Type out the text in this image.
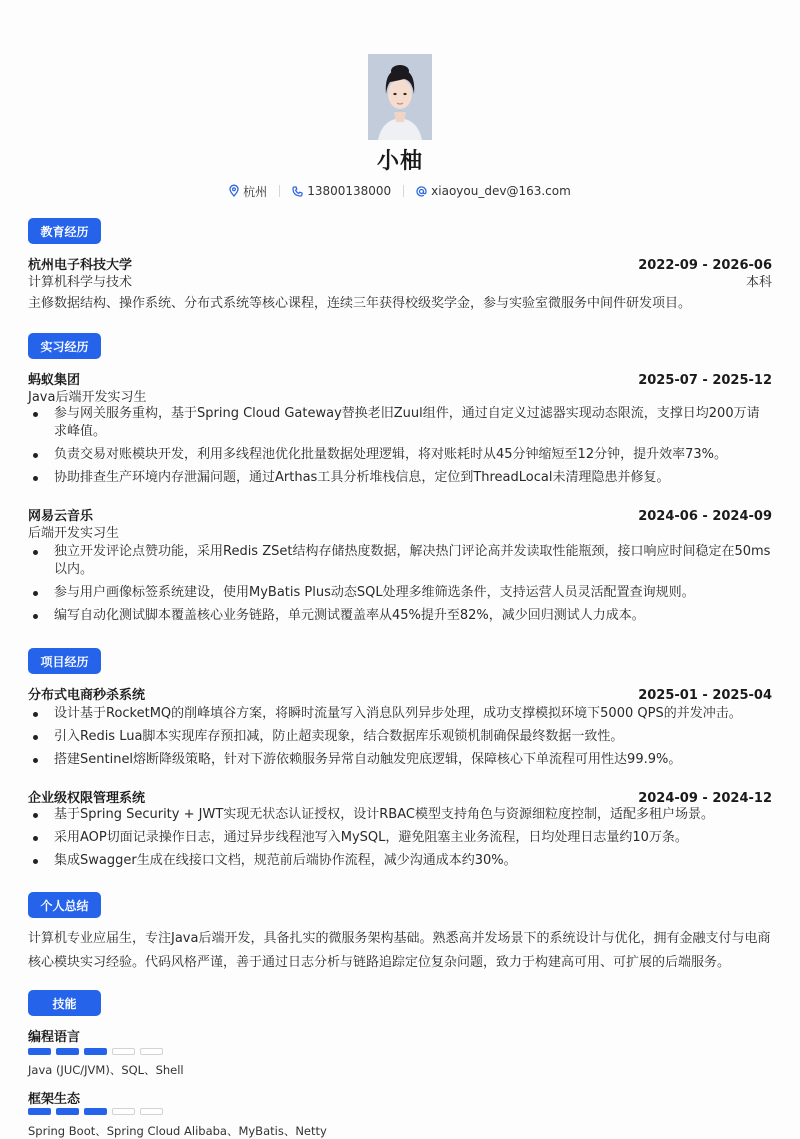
小柚
杭州	13800138000	xiaoyou_dev@163.com
教育经历
杭州电子科技大学	2022-09 - 2026-06
计算机科学与技术	本科
主修数据结构、操作系统、分布式系统等核心课程，连续三年获得校级奖学金，参与实验室微服务中间件研发项目。
实习经历
蚂蚁集团	2025-07 - 2025-12
Java后端开发实习生
参与网关服务重构，基于Spring Cloud Gateway替换老旧Zuul组件，通过自定义过滤器实现动态限流，支撑日均200万请求峰值。
负责交易对账模块开发，利用多线程池优化批量数据处理逻辑，将对账耗时从45分钟缩短至12分钟，提升效率73%。
协助排查生产环境内存泄漏问题，通过Arthas工具分析堆栈信息，定位到ThreadLocal未清理隐患并修复。
网易云音乐	2024-06 - 2024-09
后端开发实习生
独立开发评论点赞功能，采用Redis ZSet结构存储热度数据，解决热门评论高并发读取性能瓶颈，接口响应时间稳定在50ms以内。
参与用户画像标签系统建设，使用MyBatis Plus动态SQL处理多维筛选条件，支持运营人员灵活配置查询规则。
编写自动化测试脚本覆盖核心业务链路，单元测试覆盖率从45%提升至82%，减少回归测试人力成本。
项目经历
分布式电商秒杀系统	2025-01 - 2025-04
设计基于RocketMQ的削峰填谷方案，将瞬时流量写入消息队列异步处理，成功支撑模拟环境下5000 QPS的并发冲击。
引入Redis Lua脚本实现库存预扣减，防止超卖现象，结合数据库乐观锁机制确保最终数据一致性。
搭建Sentinel熔断降级策略，针对下游依赖服务异常自动触发兜底逻辑，保障核心下单流程可用性达99.9%。
企业级权限管理系统	2024-09 - 2024-12
基于Spring Security + JWT实现无状态认证授权，设计RBAC模型支持角色与资源细粒度控制，适配多租户场景。
采用AOP切面记录操作日志，通过异步线程池写入MySQL，避免阻塞主业务流程，日均处理日志量约10万条。
集成Swagger生成在线接口文档，规范前后端协作流程，减少沟通成本约30%。
个人总结
计算机专业应届生，专注Java后端开发，具备扎实的微服务架构基础。熟悉高并发场景下的系统设计与优化，拥有金融支付与电商核心模块实习经验。代码风格严谨，善于通过日志分析与链路追踪定位复杂问题，致力于构建高可用、可扩展的后端服务。
技能
编程语言
Java (JUC/JVM)、SQL、Shell
框架生态
Spring Boot、Spring Cloud Alibaba、MyBatis、Netty
